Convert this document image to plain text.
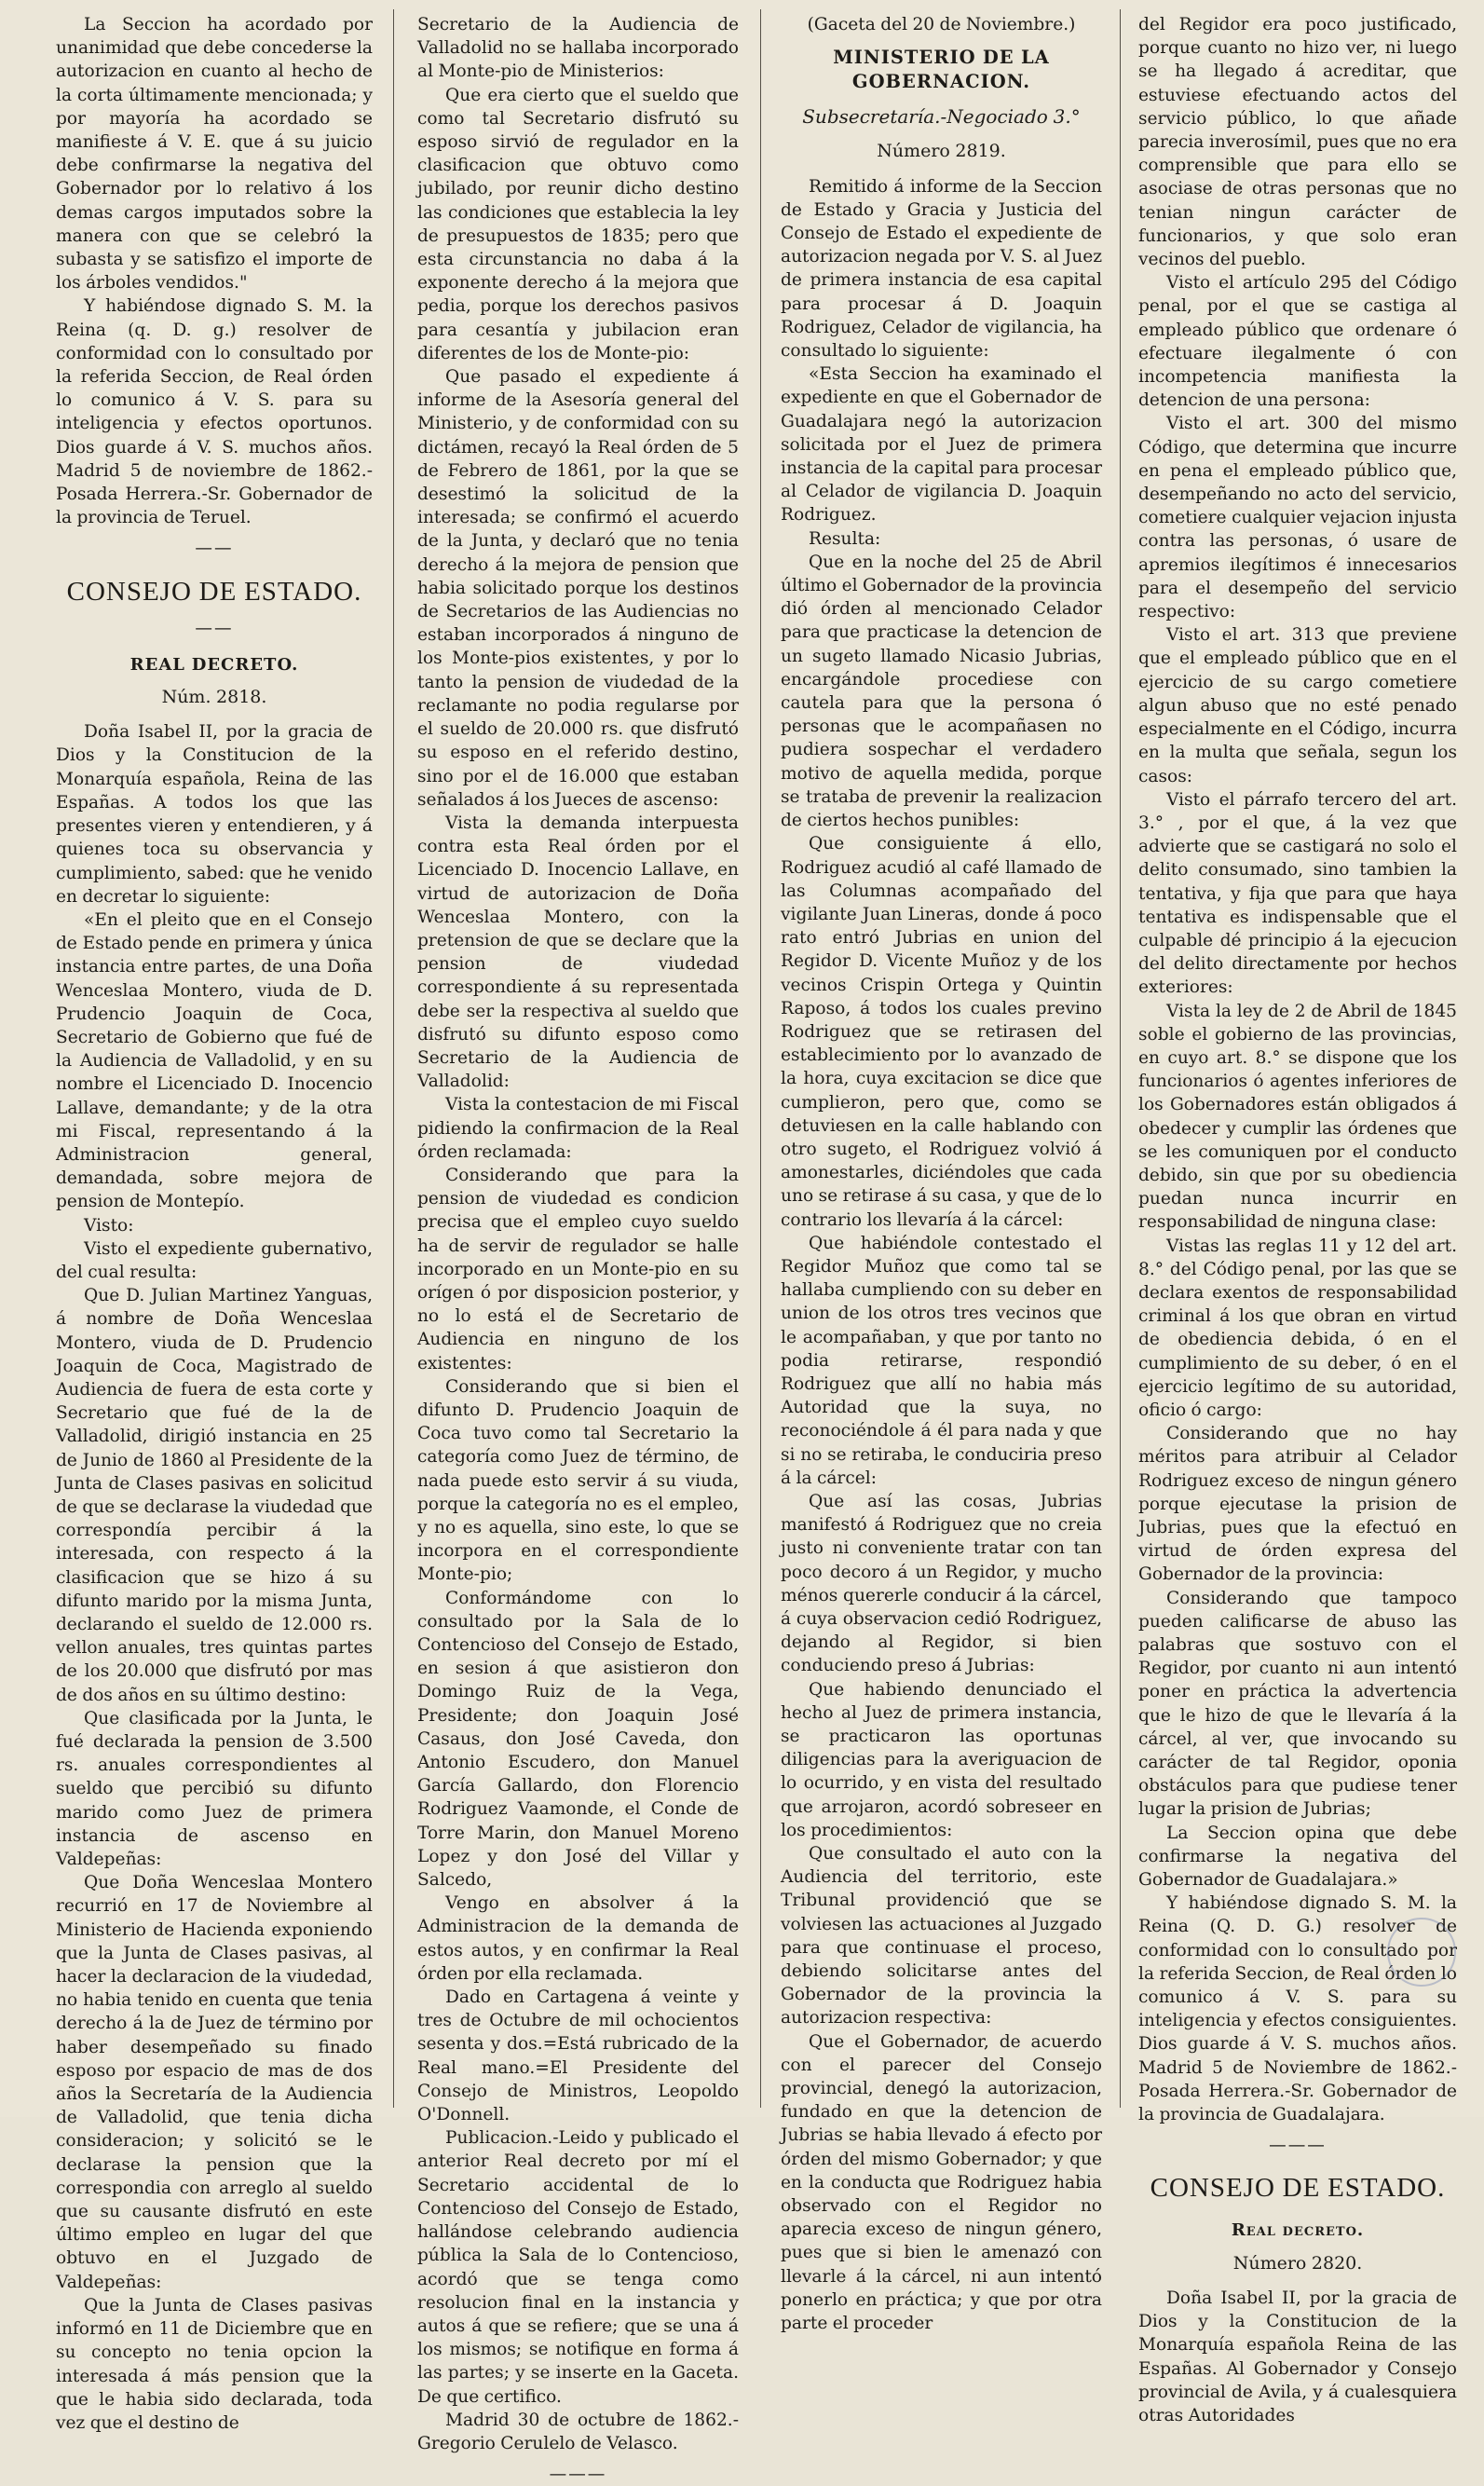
La Seccion ha acordado por unanimidad que debe concederse la autorizacion en cuanto al hecho de la corta últimamente mencionada; y por mayoría ha acordado se manifieste á V. E. que á su juicio debe confirmarse la negativa del Gobernador por lo relativo á los demas cargos imputados sobre la manera con que se celebró la subasta y se satisfizo el importe de los árboles vendidos."

Y habiéndose dignado S. M. la Reina (q. D. g.) resolver de conformidad con lo consultado por la referida Seccion, de Real órden lo comunico á V. S. para su inteligencia y efectos oportunos. Dios guarde á V. S. muchos años. Madrid 5 de noviembre de 1862.-Posada Herrera.-Sr. Gobernador de la provincia de Teruel.

——

CONSEJO DE ESTADO.

——

REAL DECRETO.

Núm. 2818.

Doña Isabel II, por la gracia de Dios y la Constitucion de la Monarquía española, Reina de las Españas. A todos los que las presentes vieren y entendieren, y á quienes toca su observancia y cumplimiento, sabed: que he venido en decretar lo siguiente:

«En el pleito que en el Consejo de Estado pende en primera y única instancia entre partes, de una Doña Wenceslaa Montero, viuda de D. Prudencio Joaquin de Coca, Secretario de Gobierno que fué de la Audiencia de Valladolid, y en su nombre el Licenciado D. Inocencio Lallave, demandante; y de la otra mi Fiscal, representando á la Administracion general, demandada, sobre mejora de pension de Montepío.

Visto:

Visto el expediente gubernativo, del cual resulta:

Que D. Julian Martinez Yanguas, á nombre de Doña Wenceslaa Montero, viuda de D. Prudencio Joaquin de Coca, Magistrado de Audiencia de fuera de esta corte y Secretario que fué de la de Valladolid, dirigió instancia en 25 de Junio de 1860 al Presidente de la Junta de Clases pasivas en solicitud de que se declarase la viudedad que correspondía percibir á la interesada, con respecto á la clasificacion que se hizo á su difunto marido por la misma Junta, declarando el sueldo de 12.000 rs. vellon anuales, tres quintas partes de los 20.000 que disfrutó por mas de dos años en su último destino:

Que clasificada por la Junta, le fué declarada la pension de 3.500 rs. anuales correspondientes al sueldo que percibió su difunto marido como Juez de primera instancia de ascenso en Valdepeñas:

Que Doña Wenceslaa Montero recurrió en 17 de Noviembre al Ministerio de Hacienda exponiendo que la Junta de Clases pasivas, al hacer la declaracion de la viudedad, no habia tenido en cuenta que tenia derecho á la de Juez de término por haber desempeñado su finado esposo por espacio de mas de dos años la Secretaría de la Audiencia de Valladolid, que tenia dicha consideracion; y solicitó se le declarase la pension que la correspondia con arreglo al sueldo que su causante disfrutó en este último empleo en lugar del que obtuvo en el Juzgado de Valdepeñas:

Que la Junta de Clases pasivas informó en 11 de Diciembre que en su concepto no tenia opcion la interesada á más pension que la que le habia sido declarada, toda vez que el destino de

Secretario de la Audiencia de Valladolid no se hallaba incorporado al Monte-pio de Ministerios:

Que era cierto que el sueldo que como tal Secretario disfrutó su esposo sirvió de regulador en la clasificacion que obtuvo como jubilado, por reunir dicho destino las condiciones que establecia la ley de presupuestos de 1835; pero que esta circunstancia no daba á la exponente derecho á la mejora que pedia, porque los derechos pasivos para cesantía y jubilacion eran diferentes de los de Monte-pio:

Que pasado el expediente á informe de la Asesoría general del Ministerio, y de conformidad con su dictámen, recayó la Real órden de 5 de Febrero de 1861, por la que se desestimó la solicitud de la interesada; se confirmó el acuerdo de la Junta, y declaró que no tenia derecho á la mejora de pension que habia solicitado porque los destinos de Secretarios de las Audiencias no estaban incorporados á ninguno de los Monte-pios existentes, y por lo tanto la pension de viudedad de la reclamante no podia regularse por el sueldo de 20.000 rs. que disfrutó su esposo en el referido destino, sino por el de 16.000 que estaban señalados á los Jueces de ascenso:

Vista la demanda interpuesta contra esta Real órden por el Licenciado D. Inocencio Lallave, en virtud de autorizacion de Doña Wenceslaa Montero, con la pretension de que se declare que la pension de viudedad correspondiente á su representada debe ser la respectiva al sueldo que disfrutó su difunto esposo como Secretario de la Audiencia de Valladolid:

Vista la contestacion de mi Fiscal pidiendo la confirmacion de la Real órden reclamada:

Considerando que para la pension de viudedad es condicion precisa que el empleo cuyo sueldo ha de servir de regulador se halle incorporado en un Monte-pio en su orígen ó por disposicion posterior, y no lo está el de Secretario de Audiencia en ninguno de los existentes:

Considerando que si bien el difunto D. Prudencio Joaquin de Coca tuvo como tal Secretario la categoría como Juez de término, de nada puede esto servir á su viuda, porque la categoría no es el empleo, y no es aquella, sino este, lo que se incorpora en el correspondiente Monte-pio;

Conformándome con lo consultado por la Sala de lo Contencioso del Consejo de Estado, en sesion á que asistieron don Domingo Ruiz de la Vega, Presidente; don Joaquin José Casaus, don José Caveda, don Antonio Escudero, don Manuel García Gallardo, don Florencio Rodriguez Vaamonde, el Conde de Torre Marin, don Manuel Moreno Lopez y don José del Villar y Salcedo,

Vengo en absolver á la Administracion de la demanda de estos autos, y en confirmar la Real órden por ella reclamada.

Dado en Cartagena á veinte y tres de Octubre de mil ochocientos sesenta y dos.=Está rubricado de la Real mano.=El Presidente del Consejo de Ministros, Leopoldo O'Donnell.

Publicacion.-Leido y publicado el anterior Real decreto por mí el Secretario accidental de lo Contencioso del Consejo de Estado, hallándose celebrando audiencia pública la Sala de lo Contencioso, acordó que se tenga como resolucion final en la instancia y autos á que se refiere; que se una á los mismos; se notifique en forma á las partes; y se inserte en la Gaceta. De que certifico.

Madrid 30 de octubre de 1862.-Gregorio Cerulelo de Velasco.

———

(Gaceta del 20 de Noviembre.)

MINISTERIO DE LA GOBERNACION.

Subsecretaría.-Negociado 3.°

Número 2819.

Remitido á informe de la Seccion de Estado y Gracia y Justicia del Consejo de Estado el expediente de autorizacion negada por V. S. al Juez de primera instancia de esa capital para procesar á D. Joaquin Rodriguez, Celador de vigilancia, ha consultado lo siguiente:

«Esta Seccion ha examinado el expediente en que el Gobernador de Guadalajara negó la autorizacion solicitada por el Juez de primera instancia de la capital para procesar al Celador de vigilancia D. Joaquin Rodriguez.

Resulta:

Que en la noche del 25 de Abril último el Gobernador de la provincia dió órden al mencionado Celador para que practicase la detencion de un sugeto llamado Nicasio Jubrias, encargándole procediese con cautela para que la persona ó personas que le acompañasen no pudiera sospechar el verdadero motivo de aquella medida, porque se trataba de prevenir la realizacion de ciertos hechos punibles:

Que consiguiente á ello, Rodriguez acudió al café llamado de las Columnas acompañado del vigilante Juan Lineras, donde á poco rato entró Jubrias en union del Regidor D. Vicente Muñoz y de los vecinos Crispin Ortega y Quintin Raposo, á todos los cuales previno Rodriguez que se retirasen del establecimiento por lo avanzado de la hora, cuya excitacion se dice que cumplieron, pero que, como se detuviesen en la calle hablando con otro sugeto, el Rodriguez volvió á amonestarles, diciéndoles que cada uno se retirase á su casa, y que de lo contrario los llevaría á la cárcel:

Que habiéndole contestado el Regidor Muñoz que como tal se hallaba cumpliendo con su deber en union de los otros tres vecinos que le acompañaban, y que por tanto no podia retirarse, respondió Rodriguez que allí no habia más Autoridad que la suya, no reconociéndole á él para nada y que si no se retiraba, le conduciria preso á la cárcel:

Que así las cosas, Jubrias manifestó á Rodriguez que no creia justo ni conveniente tratar con tan poco decoro á un Regidor, y mucho ménos quererle conducir á la cárcel, á cuya observacion cedió Rodriguez, dejando al Regidor, si bien conduciendo preso á Jubrias:

Que habiendo denunciado el hecho al Juez de primera instancia, se practicaron las oportunas diligencias para la averiguacion de lo ocurrido, y en vista del resultado que arrojaron, acordó sobreseer en los procedimientos:

Que consultado el auto con la Audiencia del territorio, este Tribunal providenció que se volviesen las actuaciones al Juzgado para que continuase el proceso, debiendo solicitarse antes del Gobernador de la provincia la autorizacion respectiva:

Que el Gobernador, de acuerdo con el parecer del Consejo provincial, denegó la autorizacion, fundado en que la detencion de Jubrias se habia llevado á efecto por órden del mismo Gobernador; y que en la conducta que Rodriguez habia observado con el Regidor no aparecia exceso de ningun género, pues que si bien le amenazó con llevarle á la cárcel, ni aun intentó ponerlo en práctica; y que por otra parte el proceder

del Regidor era poco justificado, porque cuanto no hizo ver, ni luego se ha llegado á acreditar, que estuviese efectuando actos del servicio público, lo que añade parecia inverosímil, pues que no era comprensible que para ello se asociase de otras personas que no tenian ningun carácter de funcionarios, y que solo eran vecinos del pueblo.

Visto el artículo 295 del Código penal, por el que se castiga al empleado público que ordenare ó efectuare ilegalmente ó con incompetencia manifiesta la detencion de una persona:

Visto el art. 300 del mismo Código, que determina que incurre en pena el empleado público que, desempeñando no acto del servicio, cometiere cualquier vejacion injusta contra las personas, ó usare de apremios ilegítimos é innecesarios para el desempeño del servicio respectivo:

Visto el art. 313 que previene que el empleado público que en el ejercicio de su cargo cometiere algun abuso que no esté penado especialmente en el Código, incurra en la multa que señala, segun los casos:

Visto el párrafo tercero del art. 3.° , por el que, á la vez que advierte que se castigará no solo el delito consumado, sino tambien la tentativa, y fija que para que haya tentativa es indispensable que el culpable dé principio á la ejecucion del delito directamente por hechos exteriores:

Vista la ley de 2 de Abril de 1845 soble el gobierno de las provincias, en cuyo art. 8.° se dispone que los funcionarios ó agentes inferiores de los Gobernadores están obligados á obedecer y cumplir las órdenes que se les comuniquen por el conducto debido, sin que por su obediencia puedan nunca incurrir en responsabilidad de ninguna clase:

Vistas las reglas 11 y 12 del art. 8.° del Código penal, por las que se declara exentos de responsabilidad criminal á los que obran en virtud de obediencia debida, ó en el cumplimiento de su deber, ó en el ejercicio legítimo de su autoridad, oficio ó cargo:

Considerando que no hay méritos para atribuir al Celador Rodriguez exceso de ningun género porque ejecutase la prision de Jubrias, pues que la efectuó en virtud de órden expresa del Gobernador de la provincia:

Considerando que tampoco pueden calificarse de abuso las palabras que sostuvo con el Regidor, por cuanto ni aun intentó poner en práctica la advertencia que le hizo de que le llevaría á la cárcel, al ver, que invocando su carácter de tal Regidor, oponia obstáculos para que pudiese tener lugar la prision de Jubrias;

La Seccion opina que debe confirmarse la negativa del Gobernador de Guadalajara.»

Y habiéndose dignado S. M. la Reina (Q. D. G.) resolver de conformidad con lo consultado por la referida Seccion, de Real órden lo comunico á V. S. para su inteligencia y efectos consiguientes. Dios guarde á V. S. muchos años. Madrid 5 de Noviembre de 1862.-Posada Herrera.-Sr. Gobernador de la provincia de Guadalajara.

———

CONSEJO DE ESTADO.

Real decreto.

Número 2820.

Doña Isabel II, por la gracia de Dios y la Constitucion de la Monarquía española Reina de las Españas. Al Gobernador y Consejo provincial de Avila, y á cualesquiera otras Autoridades
